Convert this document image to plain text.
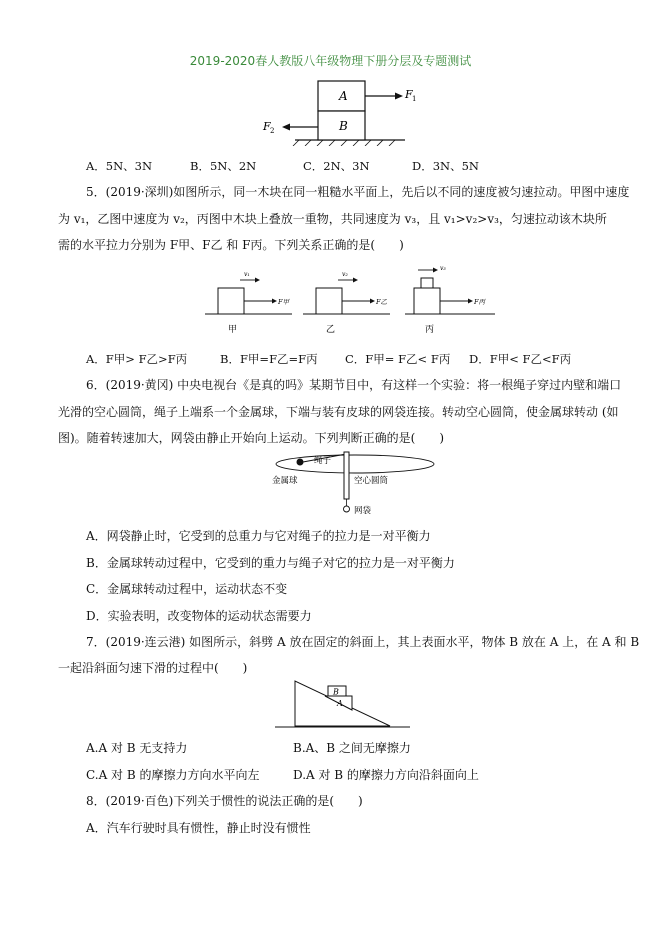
2019-2020春人教版八年级物理下册分层及专题测试
A
B
F 1
F 2
A．5N、3N	B．5N、2N	C．2N、3N	D．3N、5N
5．(2019·深圳)如图所示，同一木块在同一粗糙水平面上，先后以不同的速度被匀速拉动。甲图中速度
为 v₁，乙图中速度为 v₂，丙图中木块上叠放一重物，共同速度为 v₃，且 v₁>v₂>v₃，匀速拉动该木块所
需的水平拉力分别为 F甲、F乙 和 F丙。下列关系正确的是(　　)
v₁
F甲
甲
v₂
F乙
乙
v₃
F丙
丙
A．F甲> F乙>F丙	B．F甲=F乙=F丙 C．F甲= F乙< F丙 D．F甲< F乙<F丙
6．(2019·黄冈) 中央电视台《是真的吗》某期节目中，有这样一个实验：将一根绳子穿过内壁和端口
光滑的空心圆筒，绳子上端系一个金属球，下端与装有皮球的网袋连接。转动空心圆筒，使金属球转动 (如
图)。随着转速加大，网袋由静止开始向上运动。下列判断正确的是(　　)
金属球
绳子
空心圆筒
网袋
A．网袋静止时，它受到的总重力与它对绳子的拉力是一对平衡力
B．金属球转动过程中，它受到的重力与绳子对它的拉力是一对平衡力
C．金属球转动过程中，运动状态不变
D．实验表明，改变物体的运动状态需要力
7．(2019·连云港) 如图所示，斜劈 A 放在固定的斜面上，其上表面水平，物体 B 放在 A 上，在 A 和 B
一起沿斜面匀速下滑的过程中(　　)
B
A
A.A 对 B 无支持力	B.A、B 之间无摩擦力
C.A 对 B 的摩擦力方向水平向左	D.A 对 B 的摩擦力方向沿斜面向上
8．(2019·百色)下列关于惯性的说法正确的是(　　)
A．汽车行驶时具有惯性，静止时没有惯性
